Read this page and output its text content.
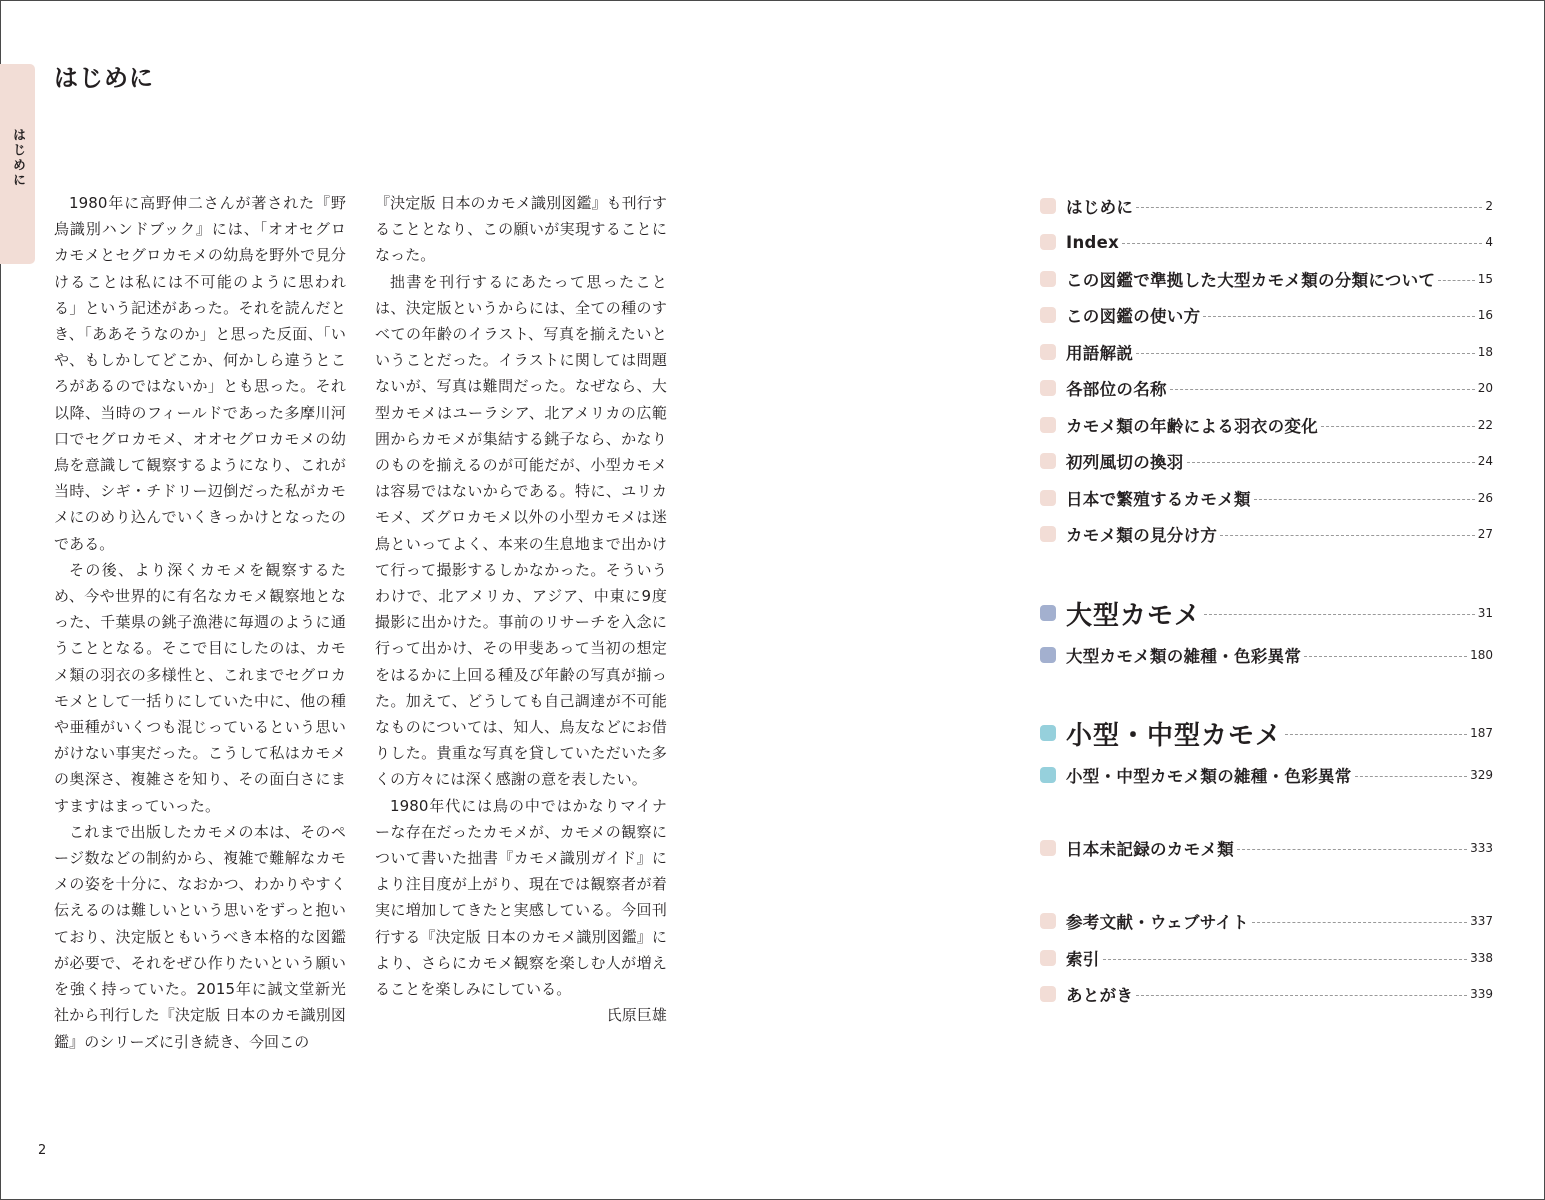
はじめに
はじめに

1980年に高野伸二さんが著された『野鳥識別ハンドブック』には、「オオセグロカモメとセグロカモメの幼鳥を野外で見分けることは私には不可能のように思われる」という記述があった。それを読んだとき、「ああそうなのか」と思った反面、「いや、もしかしてどこか、何かしら違うところがあるのではないか」とも思った。それ以降、当時のフィールドであった多摩川河口でセグロカモメ、オオセグロカモメの幼鳥を意識して観察するようになり、これが当時、シギ・チドリー辺倒だった私がカモメにのめり込んでいくきっかけとなったのである。

その後、より深くカモメを観察するため、今や世界的に有名なカモメ観察地となった、千葉県の銚子漁港に毎週のように通うこととなる。そこで目にしたのは、カモメ類の羽衣の多様性と、これまでセグロカモメとして一括りにしていた中に、他の種や亜種がいくつも混じっているという思いがけない事実だった。こうして私はカモメの奥深さ、複雑さを知り、その面白さにますますはまっていった。

これまで出版したカモメの本は、そのページ数などの制約から、複雑で難解なカモメの姿を十分に、なおかつ、わかりやすく伝えるのは難しいという思いをずっと抱いており、決定版ともいうべき本格的な図鑑が必要で、それをぜひ作りたいという願いを強く持っていた。2015年に誠文堂新光社から刊行した『決定版 日本のカモ識別図鑑』のシリーズに引き続き、今回この

『決定版 日本のカモメ識別図鑑』も刊行することとなり、この願いが実現することになった。

拙書を刊行するにあたって思ったことは、決定版というからには、全ての種のすべての年齢のイラスト、写真を揃えたいということだった。イラストに関しては問題ないが、写真は難問だった。なぜなら、大型カモメはユーラシア、北アメリカの広範囲からカモメが集結する銚子なら、かなりのものを揃えるのが可能だが、小型カモメは容易ではないからである。特に、ユリカモメ、ズグロカモメ以外の小型カモメは迷鳥といってよく、本来の生息地まで出かけて行って撮影するしかなかった。そういうわけで、北アメリカ、アジア、中東に9度撮影に出かけた。事前のリサーチを入念に行って出かけ、その甲斐あって当初の想定をはるかに上回る種及び年齢の写真が揃った。加えて、どうしても自己調達が不可能なものについては、知人、鳥友などにお借りした。貴重な写真を貸していただいた多くの方々には深く感謝の意を表したい。

1980年代には鳥の中ではかなりマイナーな存在だったカモメが、カモメの観察について書いた拙書『カモメ識別ガイド』により注目度が上がり、現在では観察者が着実に増加してきたと実感している。今回刊行する『決定版 日本のカモメ識別図鑑』により、さらにカモメ観察を楽しむ人が増えることを楽しみにしている。

氏原巨雄

2
はじめに	2
Index	4
この図鑑で準拠した大型カモメ類の分類について	15
この図鑑の使い方	16
用語解説	18
各部位の名称	20
カモメ類の年齢による羽衣の変化	22
初列風切の換羽	24
日本で繁殖するカモメ類	26
カモメ類の見分け方	27
大型カモメ	31
大型カモメ類の雑種・色彩異常	180
小型・中型カモメ	187
小型・中型カモメ類の雑種・色彩異常	329
日本未記録のカモメ類	333
参考文献・ウェブサイト	337
索引	338
あとがき	339
